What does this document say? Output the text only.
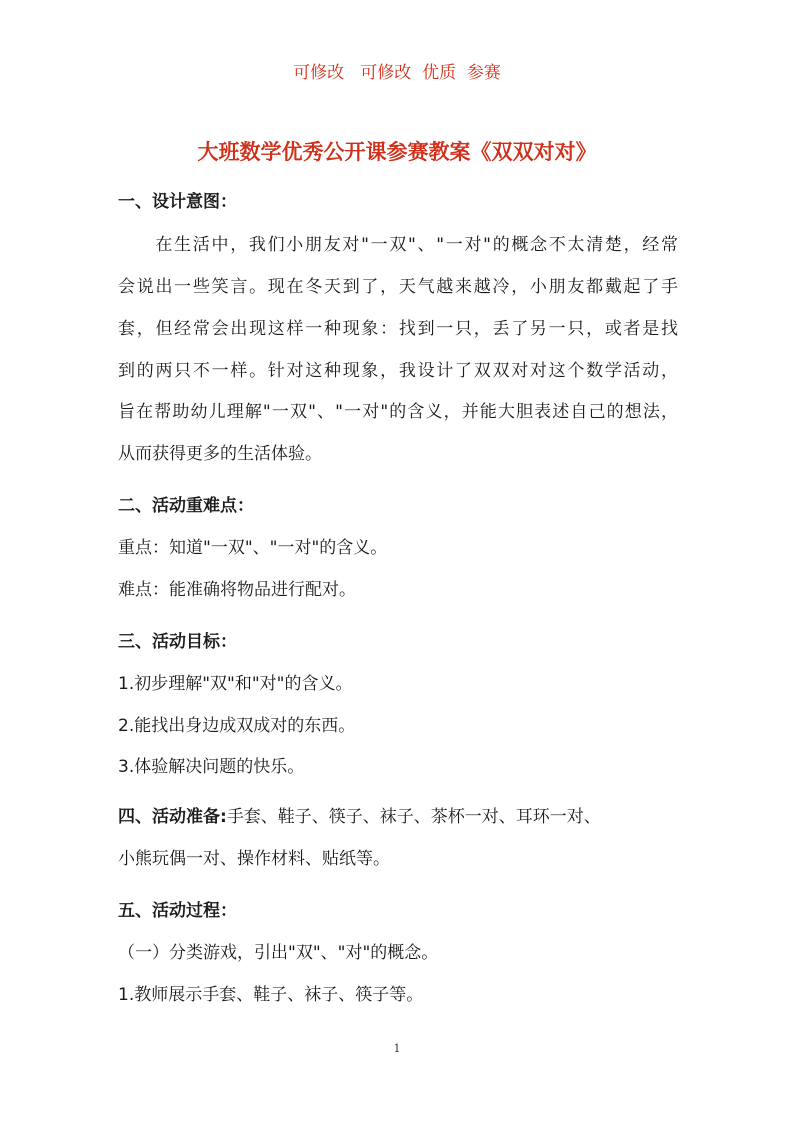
可修改   可修改  优质  参赛
大班数学优秀公开课参赛教案《双双对对》
一、设计意图：
　　在生活中，我们小朋友对"一双"、"一对"的概念不太清楚，经常
会说出一些笑言。现在冬天到了，天气越来越冷，小朋友都戴起了手
套，但经常会出现这样一种现象：找到一只，丢了另一只，或者是找
到的两只不一样。针对这种现象，我设计了双双对对这个数学活动，
旨在帮助幼儿理解"一双"、"一对"的含义，并能大胆表述自己的想法，
从而获得更多的生活体验。
二、活动重难点：
重点：知道"一双"、"一对"的含义。
难点：能准确将物品进行配对。
三、活动目标：
1.初步理解"双"和"对"的含义。
2.能找出身边成双成对的东西。
3.体验解决问题的快乐。
四、活动准备:手套、鞋子、筷子、袜子、茶杯一对、耳环一对、
小熊玩偶一对、操作材料、贴纸等。
五、活动过程：
（一）分类游戏，引出"双"、"对"的概念。
1.教师展示手套、鞋子、袜子、筷子等。
1
